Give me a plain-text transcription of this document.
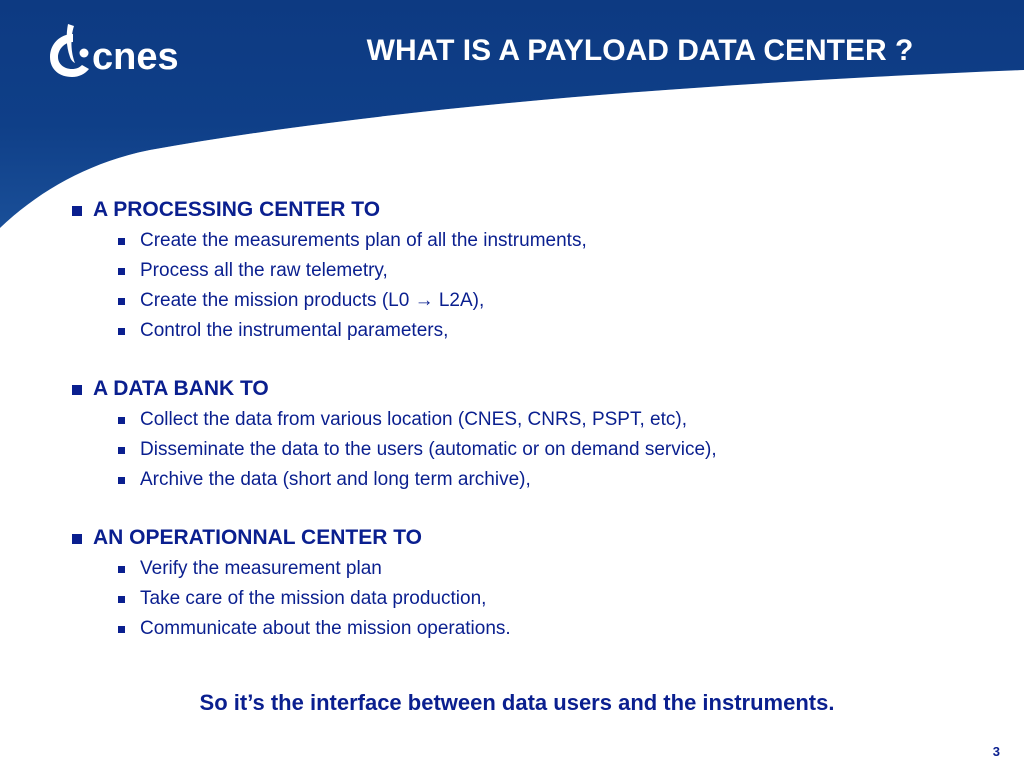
cnes	WHAT IS A PAYLOAD DATA CENTER ?
A PROCESSING CENTER TO
Create the measurements plan of all the instruments,
Process all the raw telemetry,
Create the mission products (L0 → L2A),
Control the instrumental parameters,
A DATA BANK TO
Collect the data from various location (CNES, CNRS, PSPT, etc),
Disseminate the data to the users (automatic or on demand service),
Archive the data (short and long term archive),
AN OPERATIONNAL CENTER TO
Verify the measurement plan
Take care of the mission data production,
Communicate about the mission operations.
So it’s the interface between data users and the instruments.
3
